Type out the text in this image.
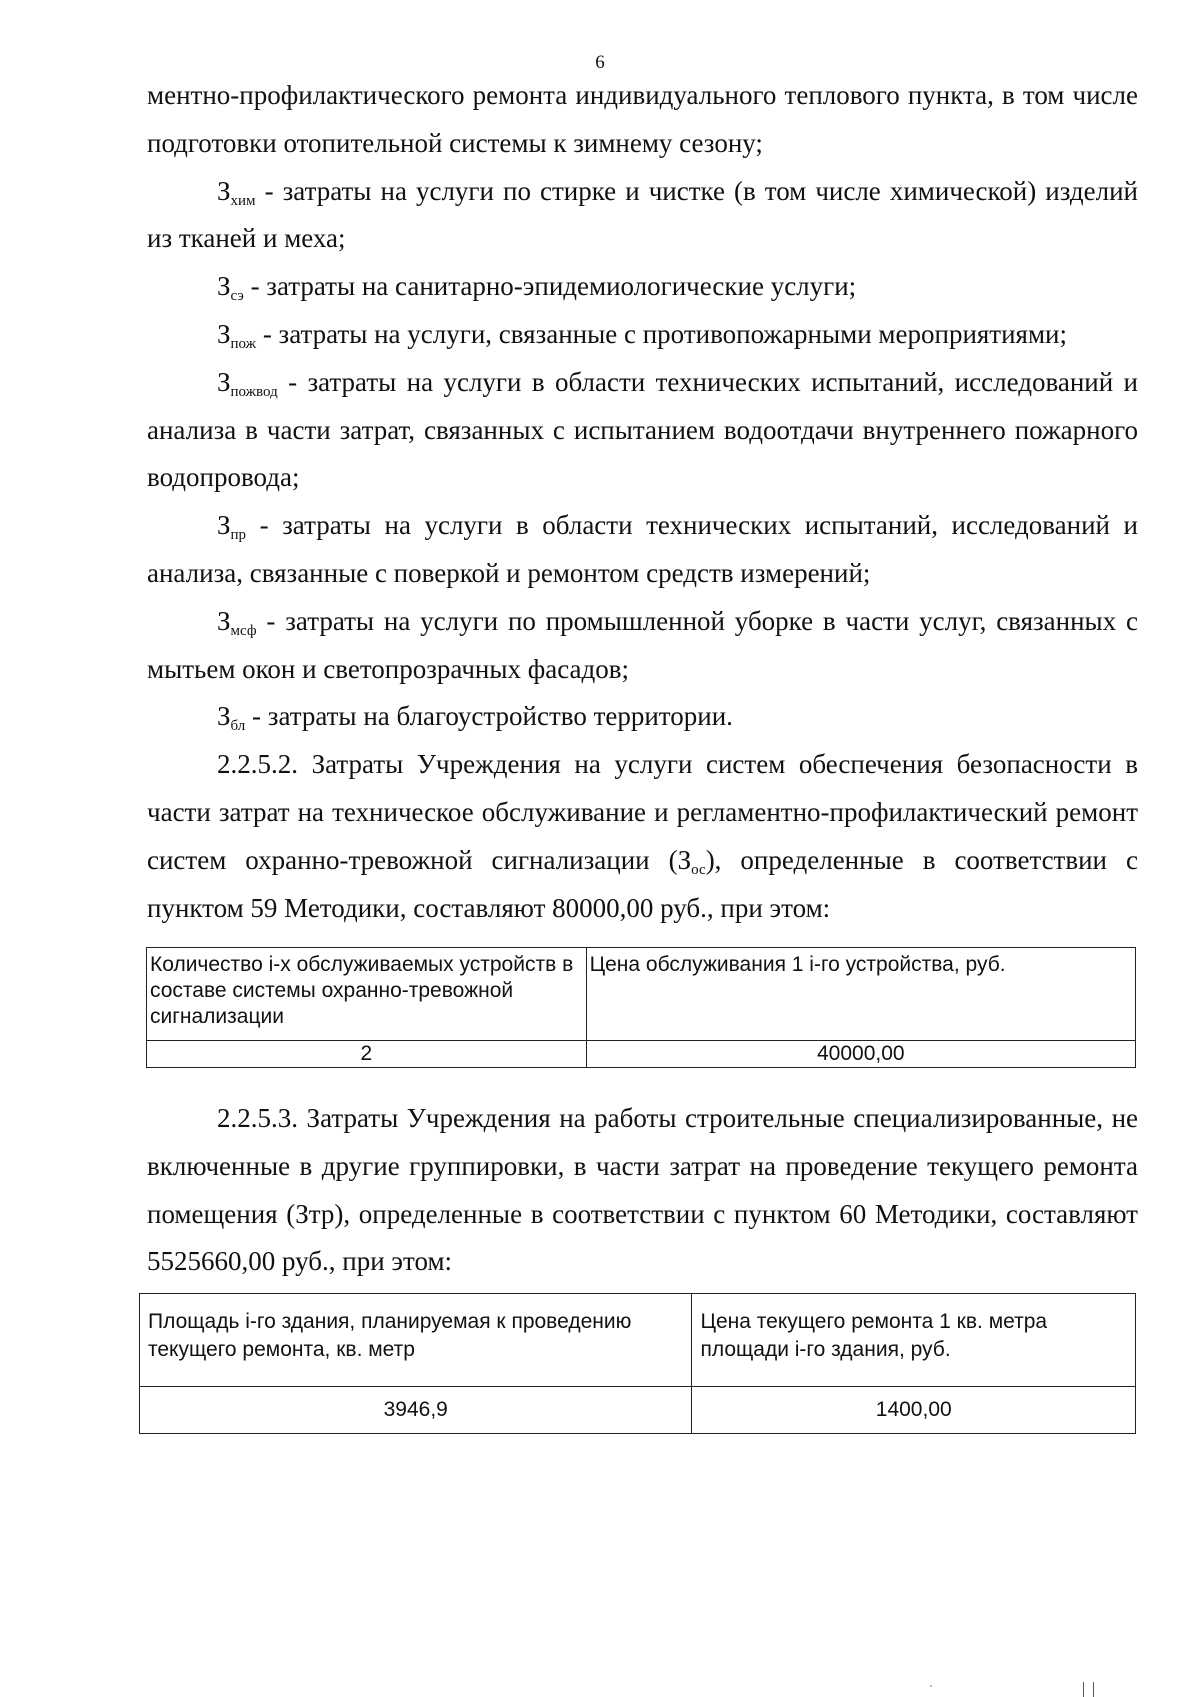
6

ментно-профилактического ремонта индивидуального теплового пункта, в том числе подготовки отопительной системы к зимнему сезону;

$З_{хим}$ - затраты на услуги по стирке и чистке (в том числе химической) изделий из тканей и меха;

$З_{сэ}$ - затраты на санитарно-эпидемиологические услуги;

$З_{пож}$ - затраты на услуги, связанные с противопожарными мероприятиями;

$З_{пожвод}$ - затраты на услуги в области технических испытаний, исследований и анализа в части затрат, связанных с испытанием водоотдачи внутреннего пожарного водопровода;

$З_{пр}$ - затраты на услуги в области технических испытаний, исследований и анализа, связанные с поверкой и ремонтом средств измерений;

$З_{мсф}$ - затраты на услуги по промышленной уборке в части услуг, связанных с мытьем окон и светопрозрачных фасадов;

$З_{бл}$ - затраты на благоустройство территории.

2.2.5.2. Затраты Учреждения на услуги систем обеспечения безопасности в части затрат на техническое обслуживание и регламентно-профилактический ремонт систем охранно-тревожной сигнализации $(З_{ос})$, определенные в соответствии с пунктом 59 Методики, составляют 80000,00 руб., при этом:

Количество i-х обслуживаемых устройств в составе системы охранно-тревожной сигнализации	Цена обслуживания 1 i-го устройства, руб.
2	40000,00

2.2.5.3. Затраты Учреждения на работы строительные специализированные, не включенные в другие группировки, в части затрат на проведение текущего ремонта помещения (Зтр), определенные в соответствии с пунктом 60 Методики, составляют 5525660,00 руб., при этом:

Площадь i-го здания, планируемая к проведению текущего ремонта, кв. метр	Цена текущего ремонта 1 кв. метра площади i-го здания, руб.
3946,9	1400,00
